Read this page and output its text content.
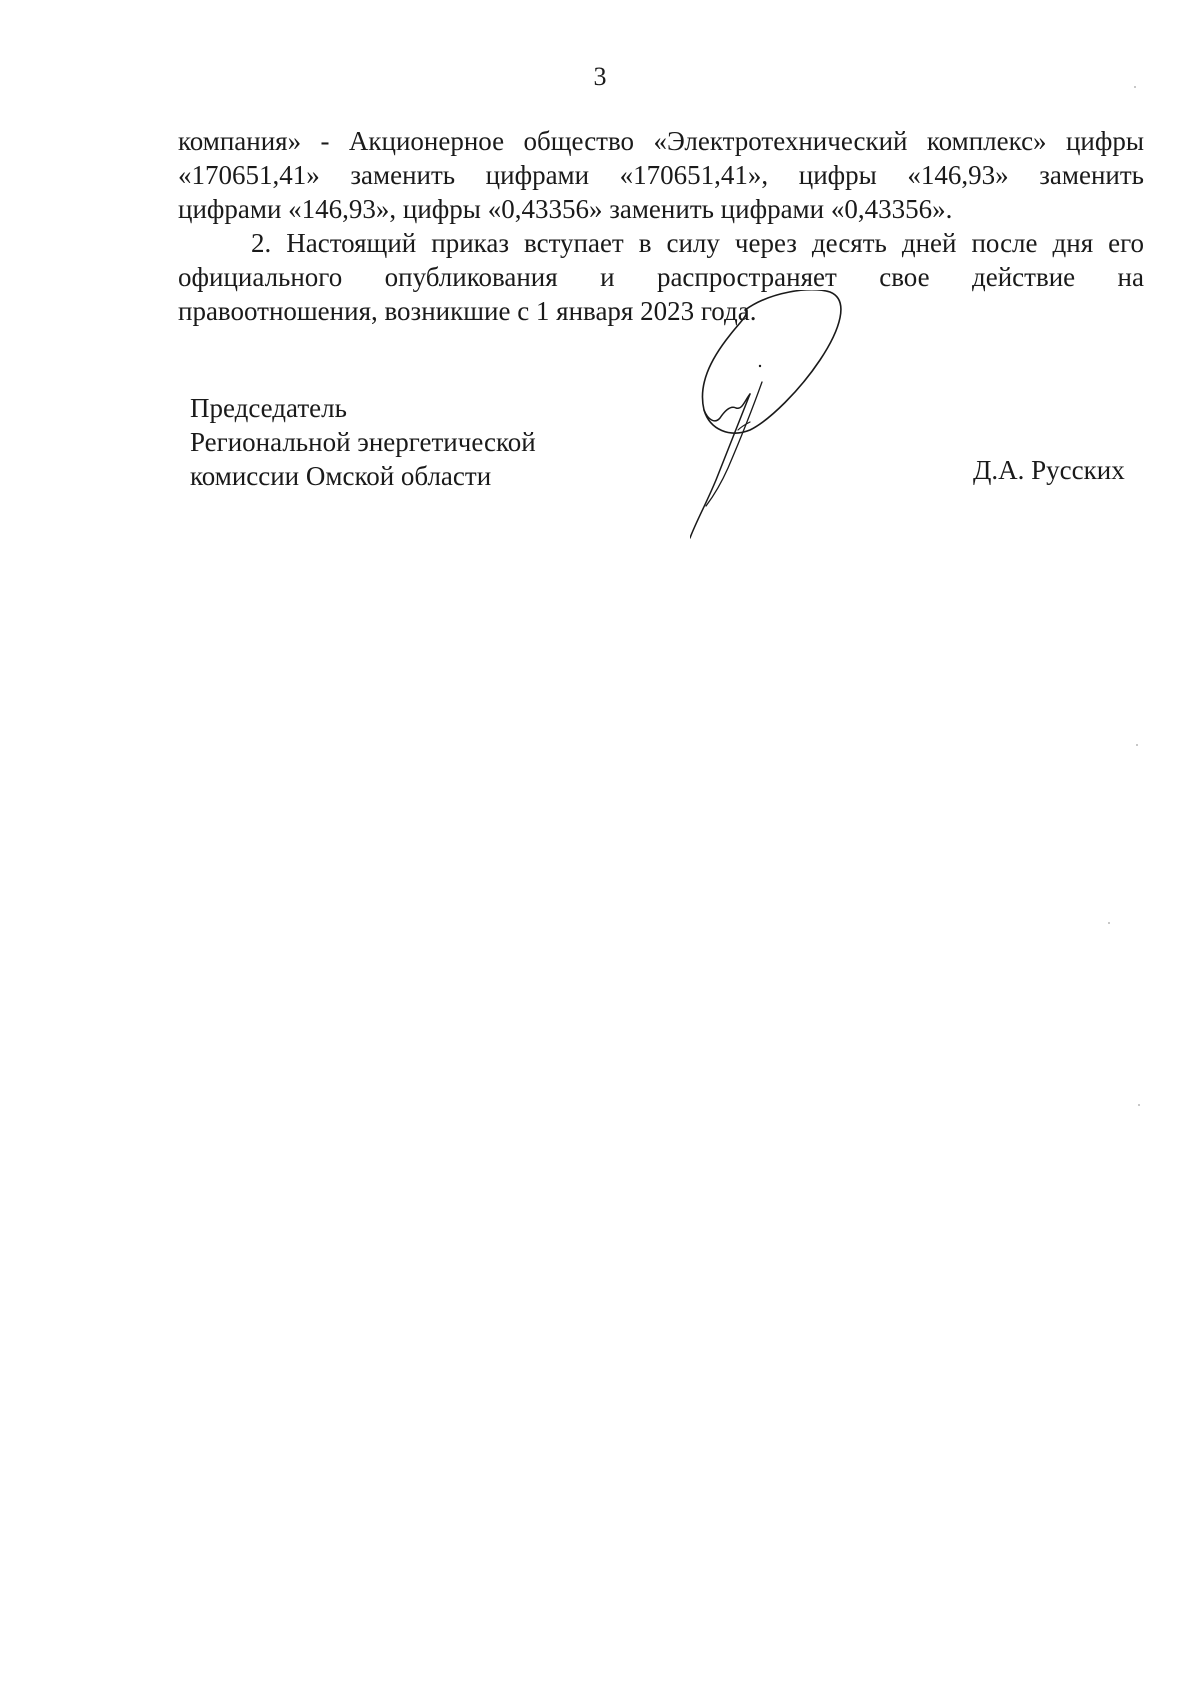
3

компания» - Акционерное общество «Электротехнический комплекс» цифры

«170651,41» заменить цифрами «170651,41», цифры «146,93» заменить

цифрами «146,93», цифры «0,43356» заменить цифрами «0,43356».

2. Настоящий приказ вступает в силу через десять дней после дня его

официального опубликования и распространяет свое действие на

правоотношения, возникшие с 1 января 2023 года.

Председатель
Региональной энергетической
комиссии Омской области	Д.А. Русских
